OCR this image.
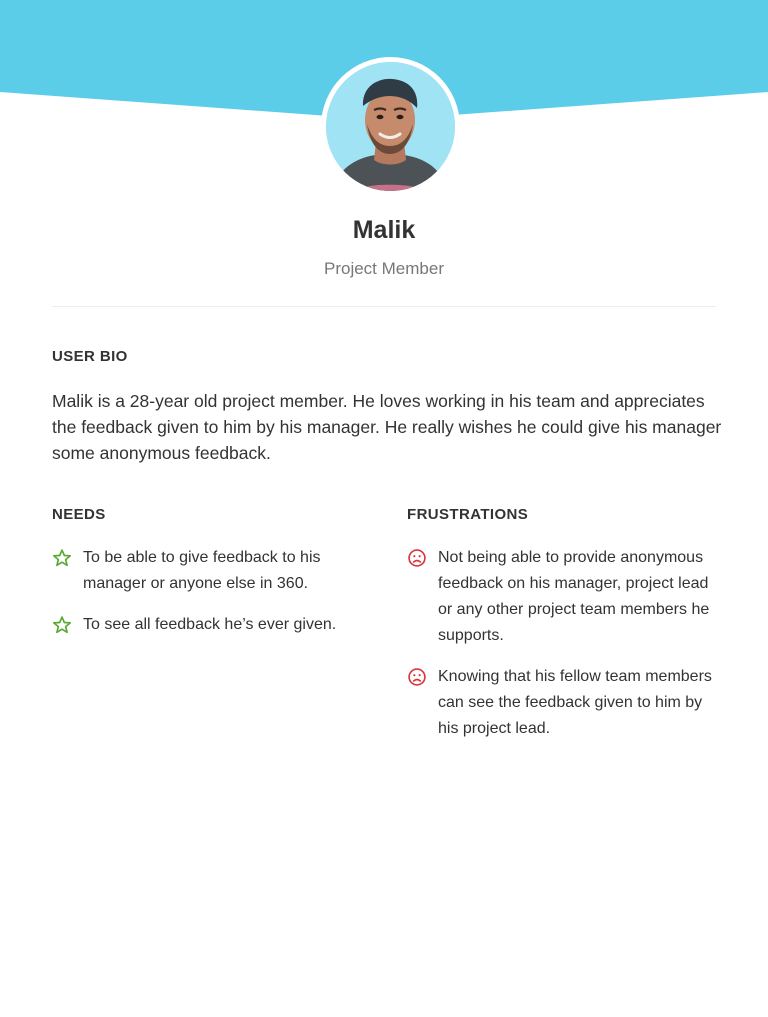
Malik
Project Member
USER BIO

Malik is a 28-year old project member. He loves working in his team and appreciates the feedback given to him by his manager. He really wishes he could give his manager some anonymous feedback.

NEEDS
To be able to give feedback to his manager or anyone else in 360.
To see all feedback he’s ever given.
FRUSTRATIONS
Not being able to provide anonymous feedback on his manager, project lead or any other project team members he supports.
Knowing that his fellow team members can see the feedback given to him by his project lead.
